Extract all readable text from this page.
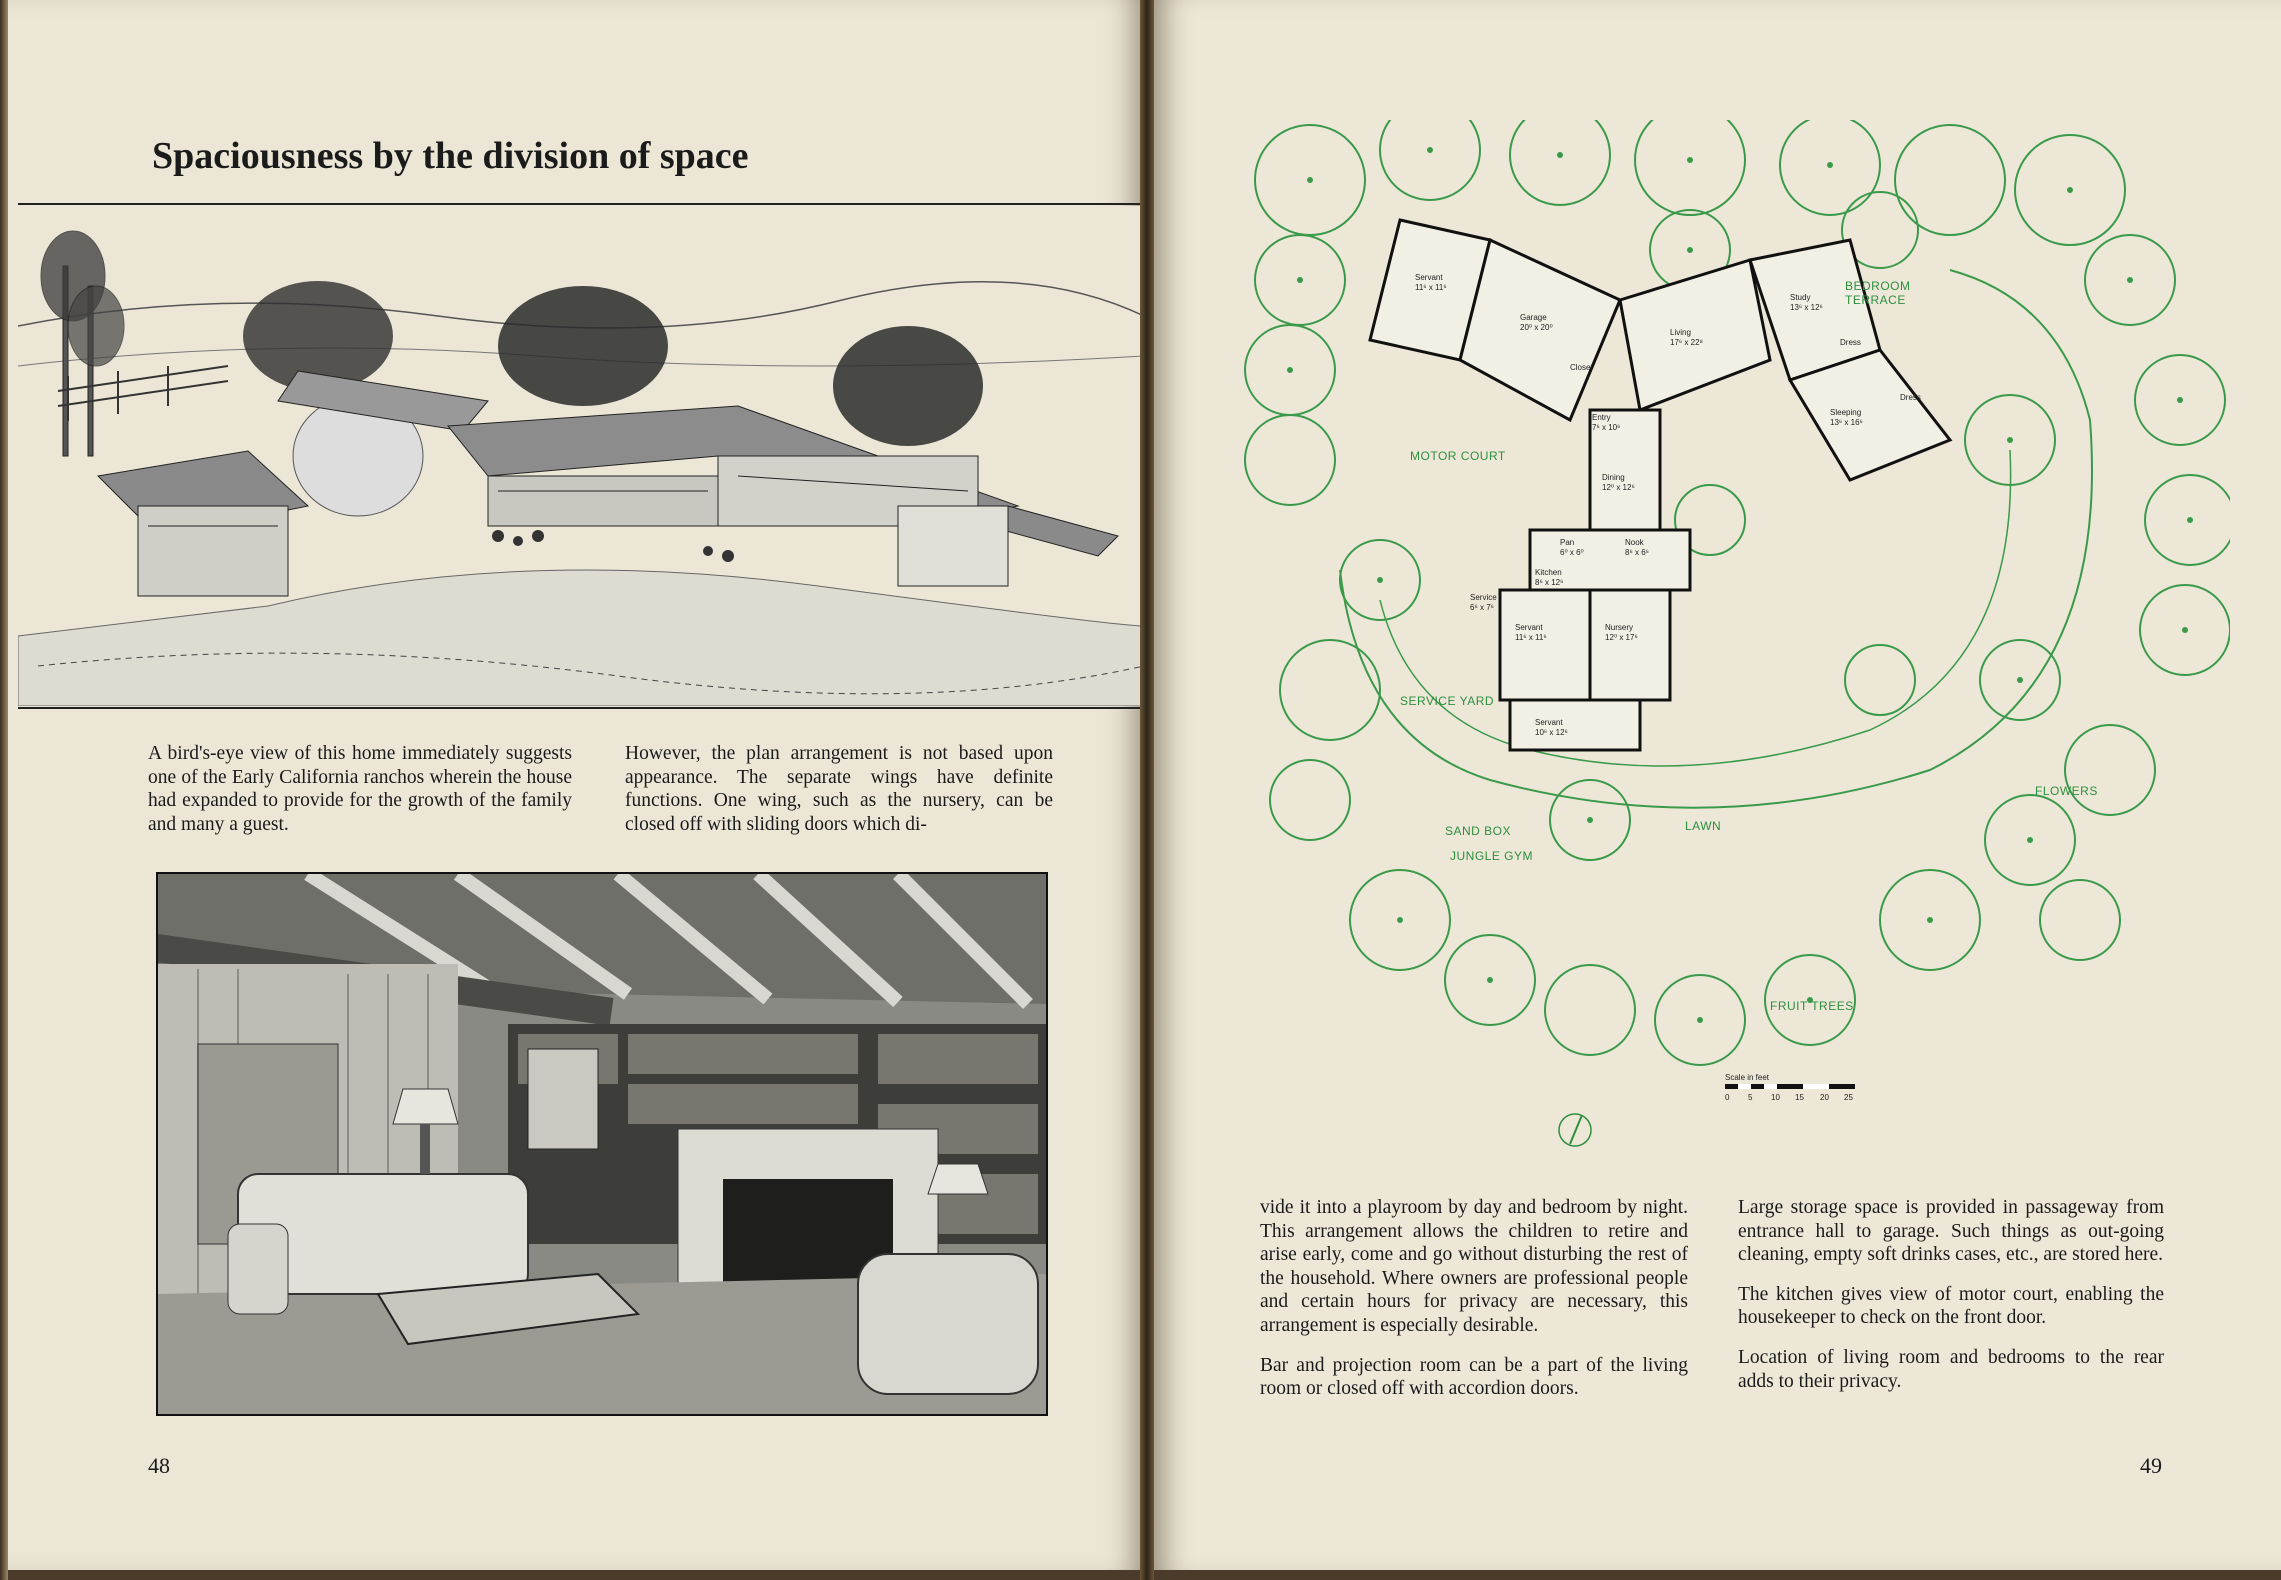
Spaciousness by the division of space
A bird's-eye view of this home immediately suggests one of the Early California ranchos wherein the house had expanded to provide for the growth of the family and many a guest.
However, the plan arrangement is not based upon appearance. The separate wings have definite functions. One wing, such as the nursery, can be closed off with sliding doors which di-
48
Servant
11⁶ x 11⁶
Garage
20⁰ x 20⁰
Closet
Living
17⁶ x 22⁸
Study
13⁶ x 12⁶
Sleeping
13⁶ x 16⁶
Dress
Dress
Entry
7⁶ x 10⁶
Dining
12⁰ x 12⁶
Pan
6⁰ x 6⁰
Nook
8⁶ x 6⁶
Kitchen
8⁶ x 12⁶
Service
6⁶ x 7⁶
Servant
11⁶ x 11⁶
Nursery
12⁰ x 17⁶
Servant
10⁶ x 12⁶
MOTOR COURT
BEDROOM
TERRACE
SERVICE YARD
LAWN
SAND BOX
JUNGLE GYM
FLOWERS
FRUIT TREES
Scale in feet
0 5 10 15 20 25

vide it into a playroom by day and bedroom by night. This arrangement allows the children to retire and arise early, come and go without disturbing the rest of the household. Where owners are professional people and certain hours for privacy are necessary, this arrangement is especially desirable.

Bar and projection room can be a part of the living room or closed off with accordion doors.

Large storage space is provided in passageway from entrance hall to garage. Such things as out-going cleaning, empty soft drinks cases, etc., are stored here.

The kitchen gives view of motor court, enabling the housekeeper to check on the front door.

Location of living room and bedrooms to the rear adds to their privacy.

49
